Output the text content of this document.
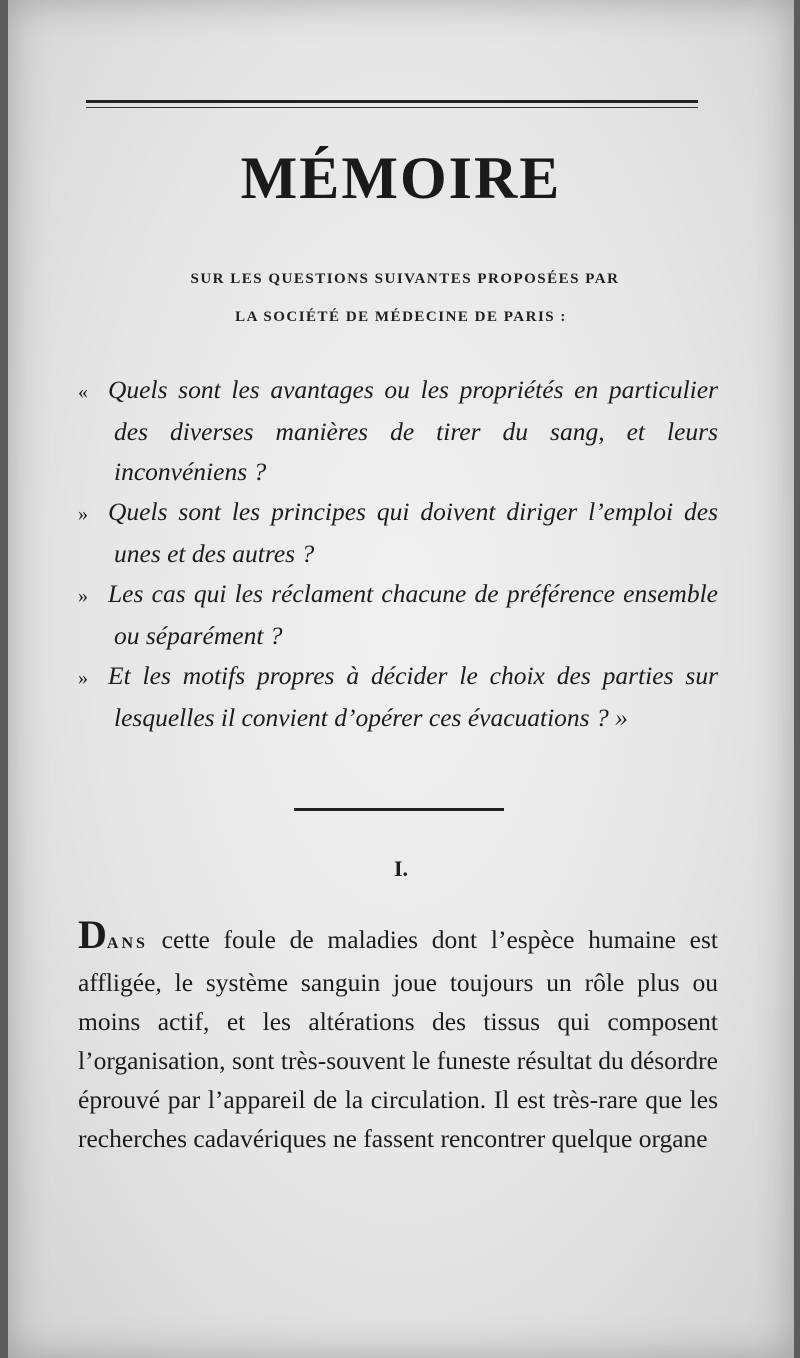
MÉMOIRE
SUR LES QUESTIONS SUIVANTES PROPOSÉES PAR
LA SOCIÉTÉ DE MÉDECINE DE PARIS :

« Quels sont les avantages ou les propriétés en particulier des diverses manières de tirer du sang, et leurs inconvéniens ?

» Quels sont les principes qui doivent diriger l’emploi des unes et des autres ?

» Les cas qui les réclament chacune de préférence ensemble ou séparément ?

» Et les motifs propres à décider le choix des parties sur lesquelles il convient d’opérer ces évacuations ? »

I.

DANS cette foule de maladies dont l’espèce humaine est affligée, le système sanguin joue toujours un rôle plus ou moins actif, et les altérations des tissus qui composent l’organisation, sont très-souvent le funeste résultat du désordre éprouvé par l’appareil de la circulation. Il est très-rare que les recherches cadavériques ne fassent rencontrer quelque organe
